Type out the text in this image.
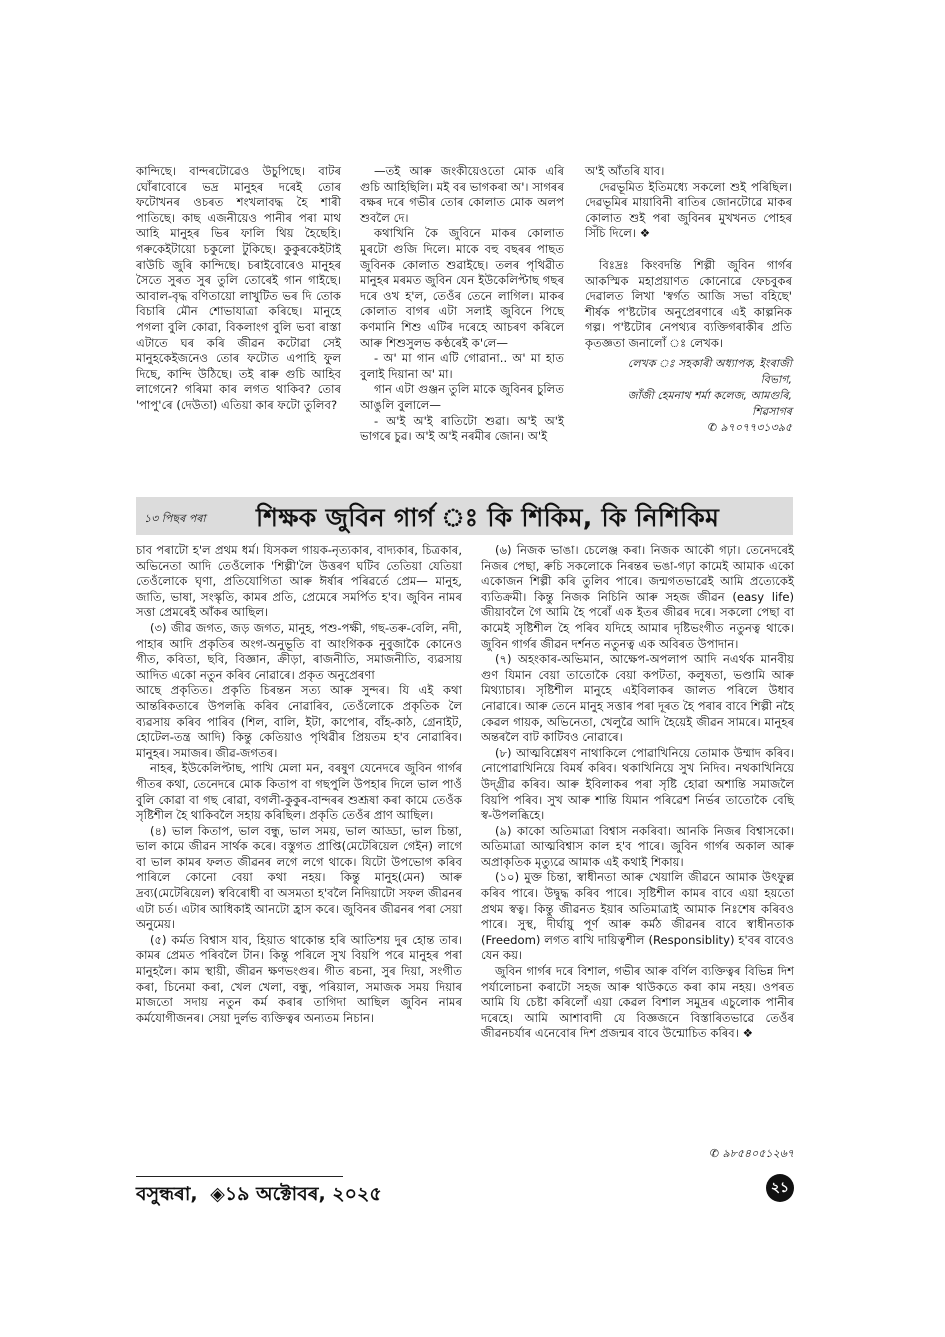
কান্দিছে। বান্দৰটোৱেও উচুপিছে। বাটৰ ঘোঁৰাবোৰে ভদ্ৰ মানুহৰ দৰেই তোৰ ফটোখনৰ ওচৰত শংখলাবদ্ধ হৈ শাৰী পাতিছে। কাছ এজনীয়েও পানীৰ পৰা মাথ আহি মানুহৰ ভিৰ ফালি থিয় হৈছেহি। গৰুকেইটায়ো চকুলো টুকিছে। কুকুৰকেইটাই ৰাউচি জুৰি কান্দিছে। চৰাইবোৰেও মানুহৰ সৈতে সুৰত সুৰ তুলি তোৰেই গান গাইছে। আবাল-বৃদ্ধ বণিতায়ো লাখুটিত ভৰ দি তোক বিচাৰি মৌন শোভাযাত্ৰা কৰিছে। মানুহে পগলা বুলি কোৱা, বিকলাংগ বুলি ভবা ৰাস্তা এটাতে ঘৰ কৰি জীৱন কটোৱা সেই মানুহকেইজনেও তোৰ ফটোত এপাহি ফুল দিছে, কান্দি উঠিছে। তই ৰাৰু গুচি আহিব লাগেনে? গৰিমা কাৰ লগত থাকিব? তোৰ 'পাপু'ৰে (দেউতা) এতিয়া কাৰ ফটো তুলিব?

—তই আৰু জংকীয়েওতো মোক এৰি গুচি আহিছিলি। মই বৰ ভাগকৰা অ'। সাগৰৰ বক্ষৰ দৰে গভীৰ তোৰ কোলাত মোক অলপ শুবলৈ দে।

কথাখিনি কৈ জুবিনে মাকৰ কোলাত মুৰটো গুজি দিলে। মাকে বহু বছৰৰ পাছত জুবিনক কোলাত শুৱাইছে। তলৰ পৃথিৱীত মানুহৰ মৰমত জুবিন যেন ইউকেলিপ্টাছ গছৰ দৰে ওখ হ'ল, তেওঁৰ তেনে লাগিল। মাকৰ কোলাত বাগৰ এটা সলাই জুবিনে পিছে কণমানি শিশু এটিৰ দৰেহে আচৰণ কৰিলে আৰু শিশুসুলভ কণ্ঠৰেই ক'লে—

- অ' মা গান এটি গোৱানা.. অ' মা হাত বুলাই দিয়ানা অ' মা।

গান এটা গুঞ্জন তুলি মাকে জুবিনৰ চুলিত আঙুলি বুলালে—

- অ'ই অ'ই ৰাতিটো শুৱা। অ'ই অ'ই ভাগৰে চুৱ। অ'ই অ'ই নৰমীৰ জোন। অ'ই

অ'ই আঁতৰি যাব।

দেৱভূমিত ইতিমধ্যে সকলো শুই পৰিছিল। দেৱভূমিৰ মায়াবিনী ৰাতিৰ জোনটোৱে মাকৰ কোলাত শুই পৰা জুবিনৰ মুখখনত পোহৰ সিঁচি দিলে। ❖

বিঃদ্ৰঃ কিংবদন্তি শিল্পী জুবিন গাৰ্গৰ আকস্মিক মহাপ্ৰয়াণত কোনোৱে ফেচবুকৰ দেৱালত লিখা 'স্বৰ্গত আজি সভা বহিছে' শীৰ্ষক প'ষ্টটোৰ অনুপ্ৰেৰণাৰে এই কাল্পনিক গল্প। প'ষ্টটোৰ নেপথ্যৰ ব্যক্তিগৰাকীৰ প্ৰতি কৃতজ্ঞতা জনালোঁ ঃ লেখক।

লেখক ঃ সহকাৰী অধ্যাপক, ইংৰাজী
বিভাগ,
জাঁজী হেমনাথ শৰ্মা কলেজ, আমগুৰি,
শিৱসাগৰ
✆ ৯৭০৭৭৩১৩৯৫
১৩ পিছৰ পৰা শিক্ষক জুবিন গাৰ্গ ঃ কি শিকিম, কি নিশিকিম

চাব পৰাটো হ'ল প্ৰথম ধৰ্ম। যিসকল গায়ক-নৃত্যকাৰ, বাদ্যকাৰ, চিত্ৰকাৰ, অভিনেতা আদি তেওঁলোক 'শিল্পী'লৈ উত্তৰণ ঘটিব তেতিয়া যেতিয়া তেওঁলোকে ঘৃণা, প্ৰতিযোগিতা আৰু ঈৰ্ষাৰ পৰিৱৰ্তে প্ৰেম— মানুহ, জাতি, ভাষা, সংস্কৃতি, কামৰ প্ৰতি, প্ৰেমেৰে সমৰ্পিত হ'ব। জুবিন নামৰ সত্তা প্ৰেমৰেই আঁকৰ আছিল।

(৩) জীৱ জগত, জড় জগত, মানুহ, পশু-পক্ষী, গছ-তৰু-বেলি, নদী, পাহাৰ আদি প্ৰকৃতিৰ অংগ-অনুভূতি বা আংগিকক নুবুজাকৈ কোনেও গীত, কবিতা, ছবি, বিজ্ঞান, ক্ৰীড়া, ৰাজনীতি, সমাজনীতি, ব্যৱসায় আদিত একো নতুন কৰিব নোৱাৰে। প্ৰকৃত অনুপ্ৰেৰণা

আছে প্ৰকৃতিত। প্ৰকৃতি চিৰন্তন সত্য আৰু সুন্দৰ। যি এই কথা আন্তৰিকতাৰে উপলব্ধি কৰিব নোৱাৰিব, তেওঁলোকে প্ৰকৃতিক লৈ ব্যৱসায় কৰিব পাৰিব (শিল, বালি, ইটা, কাপোৰ, বাঁহ-কাঠ, গ্ৰেনাইট, হোটেল-তন্ত্ৰ আদি) কিন্তু কেতিয়াও পৃথিৱীৰ প্ৰিয়তম হ'ব নোৱাৰিব। মানুহৰ। সমাজৰ। জীৱ-জগতৰ।

নাহৰ, ইউকেলিপ্টাছ, পাখি মেলা মন, বৰষুণ যেনেদৰে জুবিন গাৰ্গৰ গীতৰ কথা, তেনেদৰে মোক কিতাপ বা গছপুলি উপহাৰ দিলে ভাল পাওঁ বুলি কোৱা বা গছ ৰোৱা, বগলী-কুকুৰ-বান্দৰৰ শুশ্ৰূষা কৰা কামে তেওঁক সৃষ্টিশীল হৈ থাকিবলৈ সহায় কৰিছিল। প্ৰকৃতি তেওঁৰ প্ৰাণ আছিল।

(৪) ভাল কিতাপ, ভাল বন্ধু, ভাল সময়, ভাল আড্ডা, ভাল চিন্তা, ভাল কামে জীৱন সাৰ্থক কৰে। বস্তুগত প্ৰাপ্তি(মেটেৰিয়েল গেইন) লাগে বা ভাল কামৰ ফলত জীৱনৰ লগে লগে থাকে। যিটো উপভোগ কৰিব পাৰিলে কোনো বেয়া কথা নহয়। কিন্তু মানুহ(মেন) আৰু দ্ৰব্য(মেটেৰিয়েল) স্ববিৰোধী বা অসমতা হ'বলৈ নিদিয়াটো সফল জীৱনৰ এটা চৰ্ত। এটাৰ আধিকাই আনটো হ্ৰাস কৰে। জুবিনৰ জীৱনৰ পৰা সেয়া অনুমেয়।

(৫) কৰ্মত বিশ্বাস যাব, হিয়াত থাকোন্ত হৰি আতিশয় দুৰ হোন্ত তাৰ। কামৰ প্ৰেমত পৰিবলৈ টান। কিন্তু পৰিলে সুখ বিয়পি পৰে মানুহৰ পৰা মানুহলৈ। কাম স্থায়ী, জীৱন ক্ষণভংগুৰ। গীত ৰচনা, সুৰ দিয়া, সংগীত কৰা, চিনেমা কৰা, খেল খেলা, বন্ধু, পৰিয়াল, সমাজক সময় দিয়াৰ মাজতো সদায় নতুন কৰ্ম কৰাৰ তাগিদা আছিল জুবিন নামৰ কৰ্মযোগীজনৰ। সেয়া দুৰ্লভ ব্যক্তিত্বৰ অন্যতম নিচান।

(৬) নিজক ভাঙা। চেলেঞ্জ কৰা। নিজক আকৌ গঢ়া। তেনেদৰেই নিজৰ পেছা, ৰুচি সকলোকে নিৰন্তৰ ভঙা-গঢ়া কামেই আমাক একো একোজন শিল্পী কৰি তুলিব পাৰে। জন্মগতভাৱেই আমি প্ৰত্যেকেই ব্যতিক্ৰমী। কিন্তু নিজক নিচিনি আৰু সহজ জীৱন (easy life) জীয়াবলৈ গৈ আমি হৈ পৰোঁ এক ইতৰ জীৱৰ দৰে। সকলো পেছা বা কামেই সৃষ্টিশীল হৈ পৰিব যদিহে আমাৰ দৃষ্টিভংগীত নতুনত্ব থাকে। জুবিন গাৰ্গৰ জীৱন দৰ্শনত নতুনত্ব এক অবিৰত উপাদান।

(৭) অহংকাৰ-অভিমান, আক্ষেপ-অপলাপ আদি নএৰ্থক মানবীয় গুণ যিমান বেয়া তাতোকৈ বেয়া কপটতা, কলুষতা, ভণ্ডামি আৰু মিথ্যাচাৰ। সৃষ্টিশীল মানুহে এইবিলাকৰ জালত পৰিলে উধাব নোৱাৰে। আৰু তেনে মানুহ সত্তাৰ পৰা দূৰত হৈ পৰাৰ বাবে শিল্পী নহৈ কেৱল গায়ক, অভিনেতা, খেলুৱৈ আদি হৈয়েই জীৱন সামৰে। মানুহৰ অন্তৰলৈ বাট কাটিবও নোৱাৰে।

(৮) আত্মবিশ্লেষণ নাথাকিলে পোৱাখিনিয়ে তোমাক উম্মাদ কৰিব। নোপোৱাখিনিয়ে বিমৰ্ষ কৰিব। থকাখিনিয়ে সুখ নিদিব। নথকাখিনিয়ে উদ্গ্ৰীৱ কৰিব। আৰু ইবিলাকৰ পৰা সৃষ্টি হোৱা অশান্তি সমাজলৈ বিয়পি পৰিব। সুখ আৰু শান্তি যিমান পৰিৱেশ নিৰ্ভৰ তাতোকৈ বেছি স্ব-উপলব্ধিহে।

(৯) কাকো অতিমাত্ৰা বিশ্বাস নকৰিবা। আনকি নিজৰ বিশ্বাসকো। অতিমাত্ৰা আত্মবিশ্বাস কাল হ'ব পাৰে। জুবিন গাৰ্গৰ অকাল আৰু অপ্ৰাকৃতিক মৃত্যুৱে আমাক এই কথাই শিকায়।

(১০) মুক্ত চিন্তা, স্বাধীনতা আৰু খেয়ালি জীৱনে আমাক উৎফুল্ল কৰিব পাৰে। উদ্বুদ্ধ কৰিব পাৰে। সৃষ্টিশীল কামৰ বাবে এয়া হয়তো প্ৰথম স্বত্ব। কিন্তু জীৱনত ইয়াৰ অতিমাত্ৰাই আমাক নিঃশেষ কৰিবও পাৰে। সুস্থ, দীৰ্ঘায়ু পূৰ্ণ আৰু কৰ্মঠ জীৱনৰ বাবে স্বাধীনতাক (Freedom) লগত ৰাখি দায়িত্বশীল (Responsiblity) হ'বৰ বাবেও যেন কয়।

জুবিন গাৰ্গৰ দৰে বিশাল, গভীৰ আৰু বৰ্ণিল ব্যক্তিত্বৰ বিভিন্ন দিশ পৰ্যালোচনা কৰাটো সহজ আৰু থাউকতে কৰা কাম নহয়। ওপৰত আমি যি চেষ্টা কৰিলোঁ এয়া কেৱল বিশাল সমুদ্ৰৰ এচুলোক পানীৰ দৰেহে। আমি আশাবাদী যে বিজ্ঞজনে বিস্তাৰিতভাৱে তেওঁৰ জীৱনচৰ্যাৰ এনেবোৰ দিশ প্ৰজন্মৰ বাবে উন্মোচিত কৰিব। ❖

✆ ৯৮৫৪০৫১২৬৭
বসুন্ধৰা, ◈১৯ অক্টোবৰ, ২০২৫	২১
